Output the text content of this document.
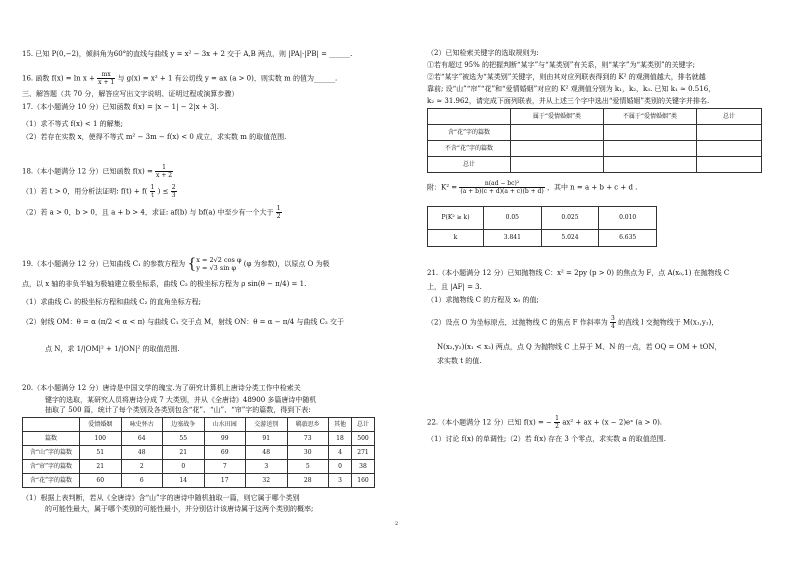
15. 已知 P(0,−2)，倾斜角为60°的直线与曲线 y = x² − 3x + 2 交于 A,B 两点，则 |PA|·|PB| = ______.
16. 函数 $f(x) = \ln x + \frac{mx}{x + 1}$ 与 g(x) = x² + 1 有公切线 y = ax (a > 0)，则实数 m 的值为______.
三、解答题（共 70 分，解答应写出文字说明、证明过程或演算步骤）
17.（本小题满分 10 分）已知函数 f(x) = |x − 1| − 2|x + 3|.
（1）求不等式 f(x) < 1 的解集;
（2）若存在实数 x，使得不等式 m² − 3m − f(x) < 0 成立，求实数 m 的取值范围.
18.（本小题满分 12 分）已知函数 $f(x) = \frac{1}{x + 2}$
（1）若 t > 0，用分析法证明: $f(t) + f( \frac{1}{t}$ ) ≤ $\frac{2}{3}$
（2）若 a > 0，b > 0，且 a + b > 4，求证: af(b) 与 bf(a) 中至少有一个大于 $\frac{1}{2}$
19.（本小题满分 12 分）已知曲线 C₁ 的参数方程为 { x = 2√2 cos φ
y = √3 sin φ	(φ 为参数)，以原点 O 为极
点，以 x 轴的非负半轴为极轴建立极坐标系，曲线 C₂ 的极坐标方程为 ρ sin(θ − π/4) = 1.
（1）求曲线 C₁ 的极坐标方程和曲线 C₂ 的直角坐标方程;
（2）射线 OM：θ = α (π/2 < α < π) 与曲线 C₁ 交于点 M，射线 ON：θ = α − π/4 与曲线 C₂ 交于
点 N，求 1/|OM|² + 1/|ON|² 的取值范围.
20.（本小题满分 12 分）唐诗是中国文学的瑰宝.为了研究计算机上唐诗分类工作中检索关
键字的选取，某研究人员将唐诗分成 7 大类别，并从《全唐诗》48900 多篇唐诗中随机
抽取了 500 篇，统计了每个类别及各类别包含“花”、“山”、“帘”字的篇数，得到下表:
	爱情婚姻	咏史怀古	边塞战争	山水田园	交游送别	羁旅思乡	其他	总计
篇数	100	64	55	99	91	73	18	500
含“山”字的篇数	51	48	21	69	48	30	4	271
含“帘”字的篇数	21	2	0	7	3	5	0	38
含“花”字的篇数	60	6	14	17	32	28	3	160
（1）根据上表判断，若从《全唐诗》含“山”字的唐诗中随机抽取一篇，则它属于哪个类别
的可能性最大，属于哪个类别的可能性最小，并分别估计该唐诗属于这两个类别的概率;
（2）已知检索关键字的选取规则为:
①若有超过 95% 的把握判断“某字”与“某类别”有关系，则“某字”为“某类别”的关键字;
②若“某字”被选为“某类别”关键字，则由其对应列联表得到的 K² 的观测值越大，排名就越
靠前; 设“山”“帘”“花”和“爱情婚姻”对应的 K² 观测值分别为 k₁，k₂，k₃. 已知 k₁ ≈ 0.516，
k₂ ≈ 31.962，请完成下面列联表，并从上述三个字中选出“爱情婚姻”类别的关键字并排名.
	属于“爱情婚姻”类	不属于“爱情婚姻”类	总计
含“花”字的篇数			
不含“花”字的篇数			
总计			
附：$K^2 = \frac{\text{n(ad − bc)²}}{(a + b)(c + d)(a + c)(b + d)}$ ，其中 n = a + b + c + d .
P(K² ≥ k)	0.05	0.025	0.010
k	3.841	5.024	6.635
21.（本小题满分 12 分）已知抛物线 C：x² = 2py (p > 0) 的焦点为 F，点 A(x₀,1) 在抛物线 C
上，且 |AF| = 3.
（1）求抛物线 C 的方程及 x₀ 的值;
（2）设点 O 为坐标原点，过抛物线 C 的焦点 F 作斜率为 $\frac{3}{4}$ 的直线 l 交抛物线于 M(x₁,y₁)，
N(x₂,y₂)(x₁ < x₂) 两点，点 Q 为抛物线 C 上异于 M、N 的一点，若 OQ = OM + tON，
求实数 t 的值.
22.（本小题满分 12 分）已知 f(x) = − $\frac{1}{2} ax^2$ + ax + (x − 2)eˣ (a > 0).
（1）讨论 f(x) 的单调性;（2）若 f(x) 存在 3 个零点，求实数 a 的取值范围.
2
